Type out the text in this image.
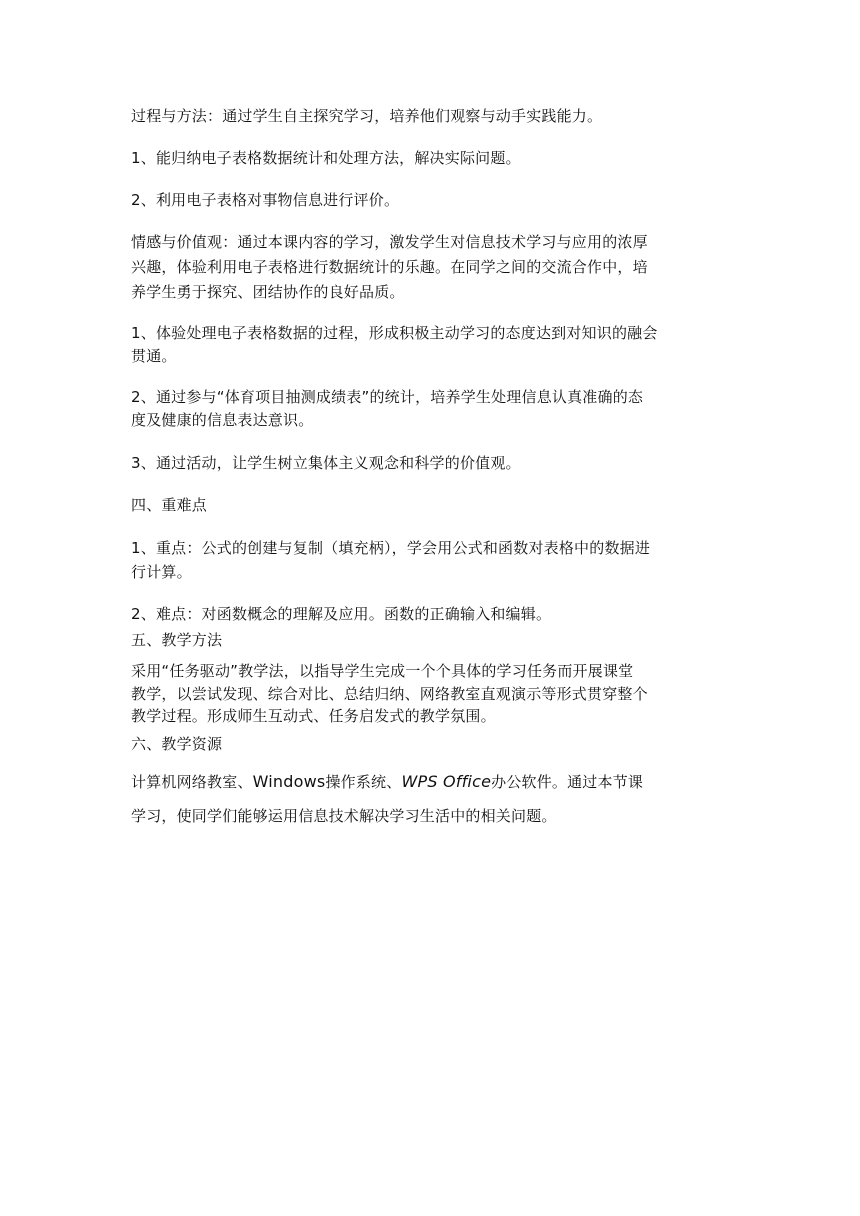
过程与方法：通过学生自主探究学习，培养他们观察与动手实践能力。
1、能归纳电子表格数据统计和处理方法，解决实际问题。
2、利用电子表格对事物信息进行评价。
情感与价值观：通过本课内容的学习，激发学生对信息技术学习与应用的浓厚
兴趣，体验利用电子表格进行数据统计的乐趣。在同学之间的交流合作中，培
养学生勇于探究、团结协作的良好品质。
1、体验处理电子表格数据的过程，形成积极主动学习的态度达到对知识的融会
贯通。
2、通过参与“体育项目抽测成绩表”的统计，培养学生处理信息认真准确的态
度及健康的信息表达意识。
3、通过活动，让学生树立集体主义观念和科学的价值观。
四、重难点
1、重点：公式的创建与复制（填充柄），学会用公式和函数对表格中的数据进
行计算。
2、难点：对函数概念的理解及应用。函数的正确输入和编辑。
五、教学方法
采用“任务驱动”教学法，以指导学生完成一个个具体的学习任务而开展课堂
教学，以尝试发现、综合对比、总结归纳、网络教室直观演示等形式贯穿整个
教学过程。形成师生互动式、任务启发式的教学氛围。
六、教学资源
计算机网络教室、Windows操作系统、WPS Office办公软件。通过本节课
学习，使同学们能够运用信息技术解决学习生活中的相关问题。
